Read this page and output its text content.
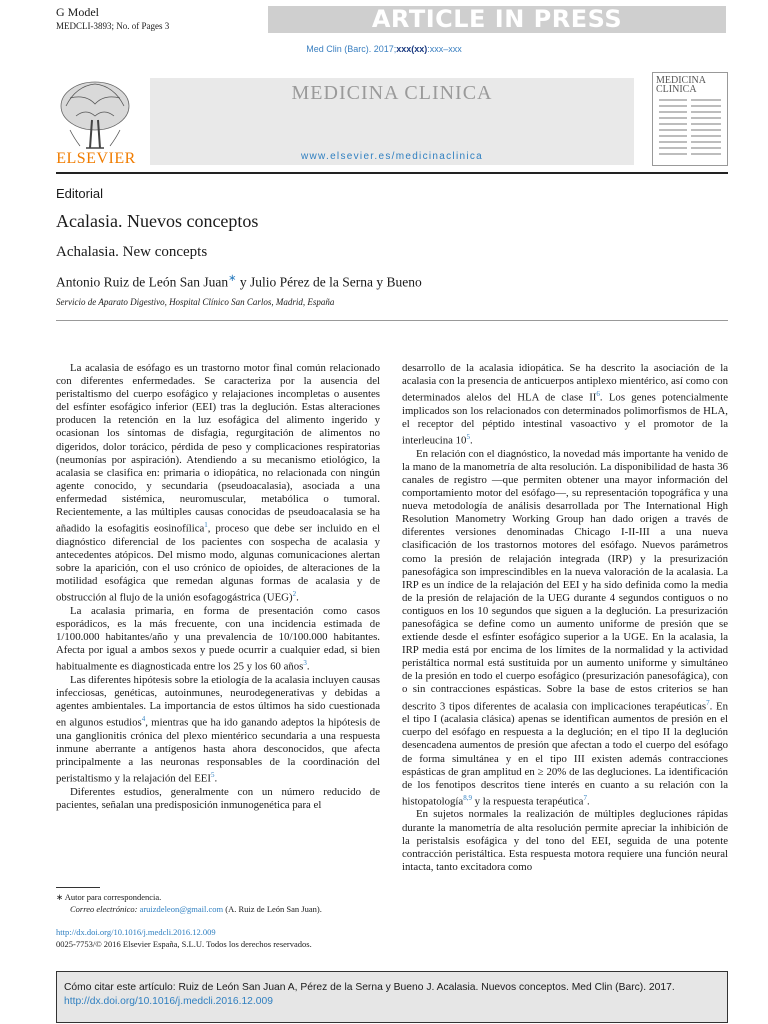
G Model
MEDCLI-3893; No. of Pages 3	ARTICLE IN PRESS
Med Clin (Barc). 2017;xxx(xx):xxx–xxx
ELSEVIER
MEDICINA CLINICA
www.elsevier.es/medicinaclinica
MEDICINA CLINICA
Editorial
Acalasia. Nuevos conceptos
Achalasia. New concepts
Antonio Ruiz de León San Juan∗ y Julio Pérez de la Serna y Bueno
Servicio de Aparato Digestivo, Hospital Clínico San Carlos, Madrid, España

La acalasia de esófago es un trastorno motor final común relacionado con diferentes enfermedades. Se caracteriza por la ausencia del peristaltismo del cuerpo esofágico y relajaciones incompletas o ausentes del esfínter esofágico inferior (EEI) tras la deglución. Estas alteraciones producen la retención en la luz esofágica del alimento ingerido y ocasionan los síntomas de disfagia, regurgitación de alimentos no digeridos, dolor torácico, pérdida de peso y complicaciones respiratorias (neumonías por aspiración). Atendiendo a su mecanismo etiológico, la acalasia se clasifica en: primaria o idiopática, no relacionada con ningún agente conocido, y secundaria (pseudoacalasia), asociada a una enfermedad sistémica, neuromuscular, metabólica o tumoral. Recientemente, a las múltiples causas conocidas de pseudoacalasia se ha añadido la esofagitis eosinofílica$^1$, proceso que debe ser incluido en el diagnóstico diferencial de los pacientes con sospecha de acalasia y antecedentes atópicos. Del mismo modo, algunas comunicaciones alertan sobre la aparición, con el uso crónico de opioides, de alteraciones de la motilidad esofágica que remedan algunas formas de acalasia y de obstrucción al flujo de la unión esofagogástrica (UEG)$^2$.

La acalasia primaria, en forma de presentación como casos esporádicos, es la más frecuente, con una incidencia estimada de 1/100.000 habitantes/año y una prevalencia de 10/100.000 habitantes. Afecta por igual a ambos sexos y puede ocurrir a cualquier edad, si bien habitualmente es diagnosticada entre los 25 y los 60 años$^3$.

Las diferentes hipótesis sobre la etiología de la acalasia incluyen causas infecciosas, genéticas, autoinmunes, neurodegenerativas y debidas a agentes ambientales. La importancia de estos últimos ha sido cuestionada en algunos estudios$^4$, mientras que ha ido ganando adeptos la hipótesis de una ganglionitis crónica del plexo mientérico secundaria a una respuesta inmune aberrante a antígenos hasta ahora desconocidos, que afecta principalmente a las neuronas responsables de la coordinación del peristaltismo y la relajación del EEI$^5$.

Diferentes estudios, generalmente con un número reducido de pacientes, señalan una predisposición inmunogenética para el

desarrollo de la acalasia idiopática. Se ha descrito la asociación de la acalasia con la presencia de anticuerpos antiplexo mientérico, así como con determinados alelos del HLA de clase $II^6$. Los genes potencialmente implicados son los relacionados con determinados polimorfismos de HLA, el receptor del péptido intestinal vasoactivo y el promotor de la interleucina $10^5$.

En relación con el diagnóstico, la novedad más importante ha venido de la mano de la manometría de alta resolución. La disponibilidad de hasta 36 canales de registro —que permiten obtener una mayor información del comportamiento motor del esófago—, su representación topográfica y una nueva metodología de análisis desarrollada por The International High Resolution Manometry Working Group han dado origen a través de diferentes versiones denominadas Chicago I-II-III a una nueva clasificación de los trastornos motores del esófago. Nuevos parámetros como la presión de relajación integrada (IRP) y la presurización panesofágica son imprescindibles en la nueva valoración de la acalasia. La IRP es un índice de la relajación del EEI y ha sido definida como la media de la presión de relajación de la UEG durante 4 segundos contiguos o no contiguos en los 10 segundos que siguen a la deglución. La presurización panesofágica se define como un aumento uniforme de presión que se extiende desde el esfínter esofágico superior a la UGE. En la acalasia, la IRP media está por encima de los límites de la normalidad y la actividad peristáltica normal está sustituida por un aumento uniforme y simultáneo de la presión en todo el cuerpo esofágico (presurización panesofágica), con o sin contracciones espásticas. Sobre la base de estos criterios se han descrito 3 tipos diferentes de acalasia con implicaciones terapéuticas$^7$. En el tipo I (acalasia clásica) apenas se identifican aumentos de presión en el cuerpo del esófago en respuesta a la deglución; en el tipo II la deglución desencadena aumentos de presión que afectan a todo el cuerpo del esófago de forma simultánea y en el tipo III existen además contracciones espásticas de gran amplitud en ≥ 20% de las degluciones. La identificación de los fenotipos descritos tiene interés en cuanto a su relación con la histopatología$^{8,9}$ y la respuesta terapéutica$^7$.

En sujetos normales la realización de múltiples degluciones rápidas durante la manometría de alta resolución permite apreciar la inhibición de la peristalsis esofágica y del tono del EEI, seguida de una potente contracción peristáltica. Esta respuesta motora requiere una función neural intacta, tanto excitadora como

∗ Autor para correspondencia.
Correo electrónico: aruizdeleon@gmail.com (A. Ruiz de León San Juan).
http://dx.doi.org/10.1016/j.medcli.2016.12.009
0025-7753/© 2016 Elsevier España, S.L.U. Todos los derechos reservados.
Cómo citar este artículo: Ruiz de León San Juan A, Pérez de la Serna y Bueno J. Acalasia. Nuevos conceptos. Med Clin (Barc). 2017.
http://dx.doi.org/10.1016/j.medcli.2016.12.009
